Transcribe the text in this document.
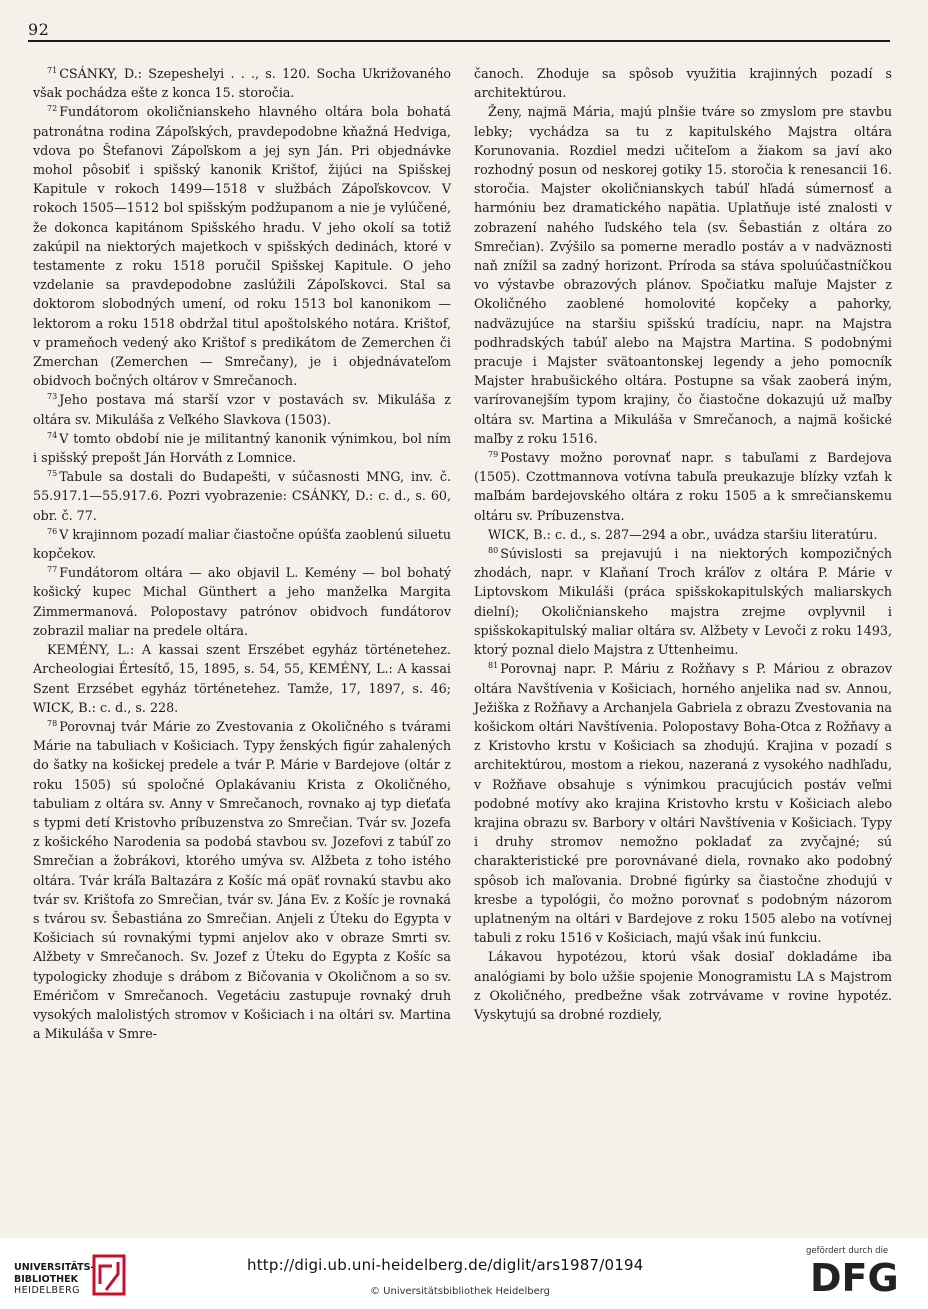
92

$^{71}$ CSÁNKY, D.: Szepeshelyi . . ., s. 120. Socha Ukrižovaného však pochádza ešte z konca 15. storočia.

$^{72}$ Fundátorom okoličnianskeho hlavného oltára bola bohatá patronátna rodina Zápoľských, pravdepodobne kňažná Hedviga, vdova po Štefanovi Zápoľskom a jej syn Ján. Pri objednávke mohol pôsobiť i spišský kanonik Krištof, žijúci na Spišskej Kapitule v rokoch 1499—1518 v službách Zápoľskovcov. V rokoch 1505—1512 bol spišským podžupanom a nie je vylúčené, že dokonca kapitánom Spišského hradu. V jeho okolí sa totiž zakúpil na niektorých majetkoch v spišských dedinách, ktoré v testamente z roku 1518 poručil Spišskej Kapitule. O jeho vzdelanie sa pravdepodobne zaslúžili Zápoľskovci. Stal sa doktorom slobodných umení, od roku 1513 bol kanonikom — lektorom a roku 1518 obdržal titul apoštolského notára. Krištof, v prameňoch vedený ako Krištof s predikátom de Zemerchen či Zmerchan (Zemerchen — Smrečany), je i objednávateľom obidvoch bočných oltárov v Smrečanoch.

$^{73}$ Jeho postava má starší vzor v postavách sv. Mikuláša z oltára sv. Mikuláša z Veľkého Slavkova (1503).

$^{74}$ V tomto období nie je militantný kanonik výnimkou, bol ním i spišský prepošt Ján Horváth z Lomnice.

$^{75}$ Tabule sa dostali do Budapešti, v súčasnosti MNG, inv. č. 55.917.1—55.917.6. Pozri vyobrazenie: CSÁNKY, D.: c. d., s. 60, obr. č. 77.

$^{76}$ V krajinnom pozadí maliar čiastočne opúšťa zaoblenú siluetu kopčekov.

$^{77}$ Fundátorom oltára — ako objavil L. Kemény — bol bohatý košický kupec Michal Günthert a jeho manželka Margita Zimmermanová. Polopostavy patrónov obidvoch fundátorov zobrazil maliar na predele oltára.

KEMÉNY, L.: A kassai szent Erszébet egyház történetehez. Archeologiai Értesítő, 15, 1895, s. 54, 55, KEMÉNY, L.: A kassai Szent Erzsébet egyház történetehez. Tamže, 17, 1897, s. 46; WICK, B.: c. d., s. 228.

$^{78}$ Porovnaj tvár Márie zo Zvestovania z Okoličného s tvárami Márie na tabuliach v Košiciach. Typy ženských figúr zahalených do šatky na košickej predele a tvár P. Márie v Bardejove (oltár z roku 1505) sú spoločné Oplakávaniu Krista z Okoličného, tabuliam z oltára sv. Anny v Smrečanoch, rovnako aj typ dieťaťa s typmi detí Kristovho príbuzenstva zo Smrečian. Tvár sv. Jozefa z košického Narodenia sa podobá stavbou sv. Jozefovi z tabúľ zo Smrečian a žobrákovi, ktorého umýva sv. Alžbeta z toho istého oltára. Tvár kráľa Baltazára z Košíc má opäť rovnakú stavbu ako tvár sv. Krištofa zo Smrečian, tvár sv. Jána Ev. z Košíc je rovnaká s tvárou sv. Šebastiána zo Smrečian. Anjeli z Úteku do Egypta v Košiciach sú rovnakými typmi anjelov ako v obraze Smrti sv. Alžbety v Smrečanoch. Sv. Jozef z Úteku do Egypta z Košíc sa typologicky zhoduje s drábom z Bičovania v Okoličnom a so sv. Eméričom v Smrečanoch. Vegetáciu zastupuje rovnaký druh vysokých malolistých stromov v Košiciach i na oltári sv. Martina a Mikuláša v Smre-

čanoch. Zhoduje sa spôsob využitia krajinných pozadí s architektúrou.

Ženy, najmä Mária, majú plnšie tváre so zmyslom pre stavbu lebky; vychádza sa tu z kapitulského Majstra oltára Korunovania. Rozdiel medzi učiteľom a žiakom sa javí ako rozhodný posun od neskorej gotiky 15. storočia k renesancii 16. storočia. Majster okoličnianskych tabúľ hľadá súmernosť a harmóniu bez dramatického napätia. Uplatňuje isté znalosti v zobrazení nahého ľudského tela (sv. Šebastián z oltára zo Smrečian). Zvýšilo sa pomerne meradlo postáv a v nadväznosti naň znížil sa zadný horizont. Príroda sa stáva spoluúčastníčkou vo výstavbe obrazových plánov. Spočiatku maľuje Majster z Okoličného zaoblené homolovité kopčeky a pahorky, nadväzujúce na staršiu spišskú tradíciu, napr. na Majstra podhradských tabúľ alebo na Majstra Martina. S podobnými pracuje i Majster svätoantonskej legendy a jeho pomocník Majster hrabušického oltára. Postupne sa však zaoberá iným, varírovanejším typom krajiny, čo čiastočne dokazujú už maľby oltára sv. Martina a Mikuláša v Smrečanoch, a najmä košické maľby z roku 1516.

$^{79}$ Postavy možno porovnať napr. s tabuľami z Bardejova (1505). Czottmannova votívna tabuľa preukazuje blízky vzťah k maľbám bardejovského oltára z roku 1505 a k smrečianskemu oltáru sv. Príbuzenstva.

WICK, B.: c. d., s. 287—294 a obr., uvádza staršiu literatúru.

$^{80}$ Súvislosti sa prejavujú i na niektorých kompozičných zhodách, napr. v Klaňaní Troch kráľov z oltára P. Márie v Liptovskom Mikuláši (práca spišskokapitulských maliarskych dielní); Okoličnianskeho majstra zrejme ovplyvnil i spišskokapitulský maliar oltára sv. Alžbety v Levoči z roku 1493, ktorý poznal dielo Majstra z Uttenheimu.

$^{81}$ Porovnaj napr. P. Máriu z Rožňavy s P. Máriou z obrazov oltára Navštívenia v Košiciach, horného anjelika nad sv. Annou, Ježiška z Rožňavy a Archanjela Gabriela z obrazu Zvestovania na košickom oltári Navštívenia. Polopostavy Boha-Otca z Rožňavy a z Kristovho krstu v Košiciach sa zhodujú. Krajina v pozadí s architektúrou, mostom a riekou, nazeraná z vysokého nadhľadu, v Rožňave obsahuje s výnimkou pracujúcich postáv veľmi podobné motívy ako krajina Kristovho krstu v Košiciach alebo krajina obrazu sv. Barbory v oltári Navštívenia v Košiciach. Typy i druhy stromov nemožno pokladať za zvyčajné; sú charakteristické pre porovnávané diela, rovnako ako podobný spôsob ich maľovania. Drobné figúrky sa čiastočne zhodujú v kresbe a typológii, čo možno porovnať s podobným názorom uplatneným na oltári v Bardejove z roku 1505 alebo na votívnej tabuli z roku 1516 v Košiciach, majú však inú funkciu.

Lákavou hypotézou, ktorú však dosiaľ dokladáme iba analógiami by bolo užšie spojenie Monogramistu LA s Majstrom z Okoličného, predbežne však zotrvávame v rovine hypotéz. Vyskytujú sa drobné rozdiely,

UNIVERSITÄTS-
BIBLIOTHEK
HEIDELBERG
http://digi.ub.uni-heidelberg.de/diglit/ars1987/0194
© Universitätsbibliothek Heidelberg
gefördert durch die
DFG
